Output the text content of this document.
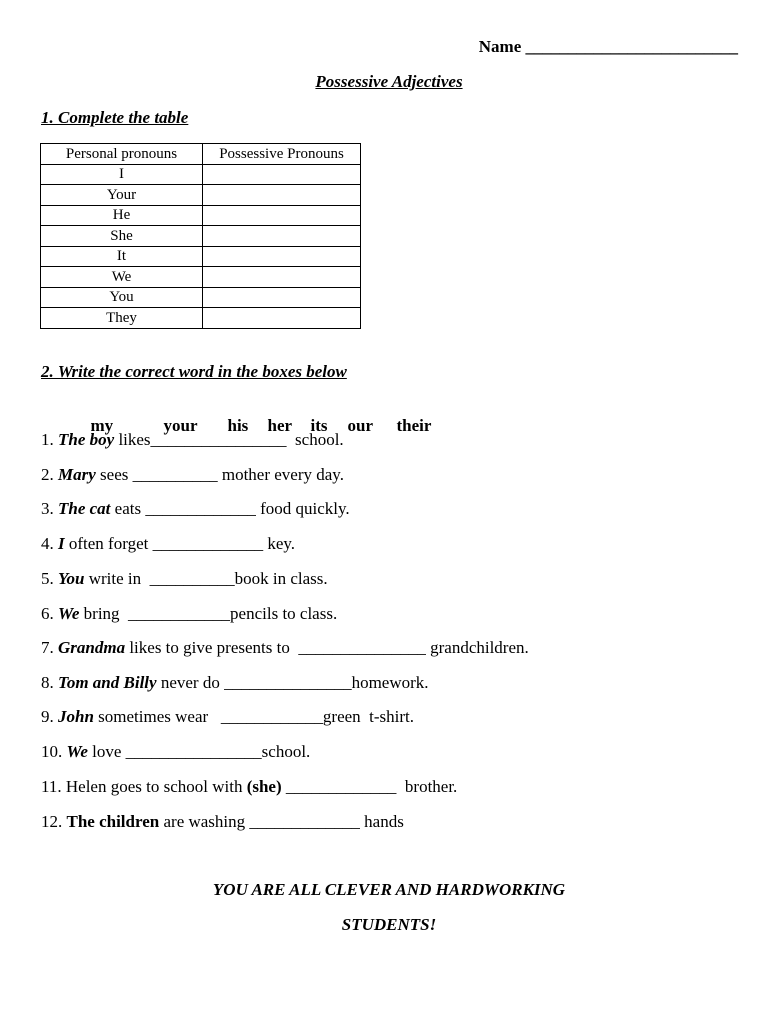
Name _________________________
Possessive Adjectives
1. Complete the table
Personal pronouns	Possessive Pronouns
I	
Your	
He	
She	
It	
We	
You	
They	
2. Write the correct word in the boxes below

my	your his her its our their

1. The boy likes________________  school.
2. Mary sees __________ mother every day.
3. The cat eats _____________ food quickly.
4. I often forget _____________ key.
5. You write in  __________book in class.
6. We bring  ____________pencils to class.
7. Grandma likes to give presents to  _______________ grandchildren.
8. Tom and Billy never do _______________homework.
9. John sometimes wear   ____________green  t-shirt.
10. We love ________________school.
11. Helen goes to school with (she) _____________  brother.
12. The children are washing _____________ hands
YOU ARE ALL CLEVER AND HARDWORKING
STUDENTS!
